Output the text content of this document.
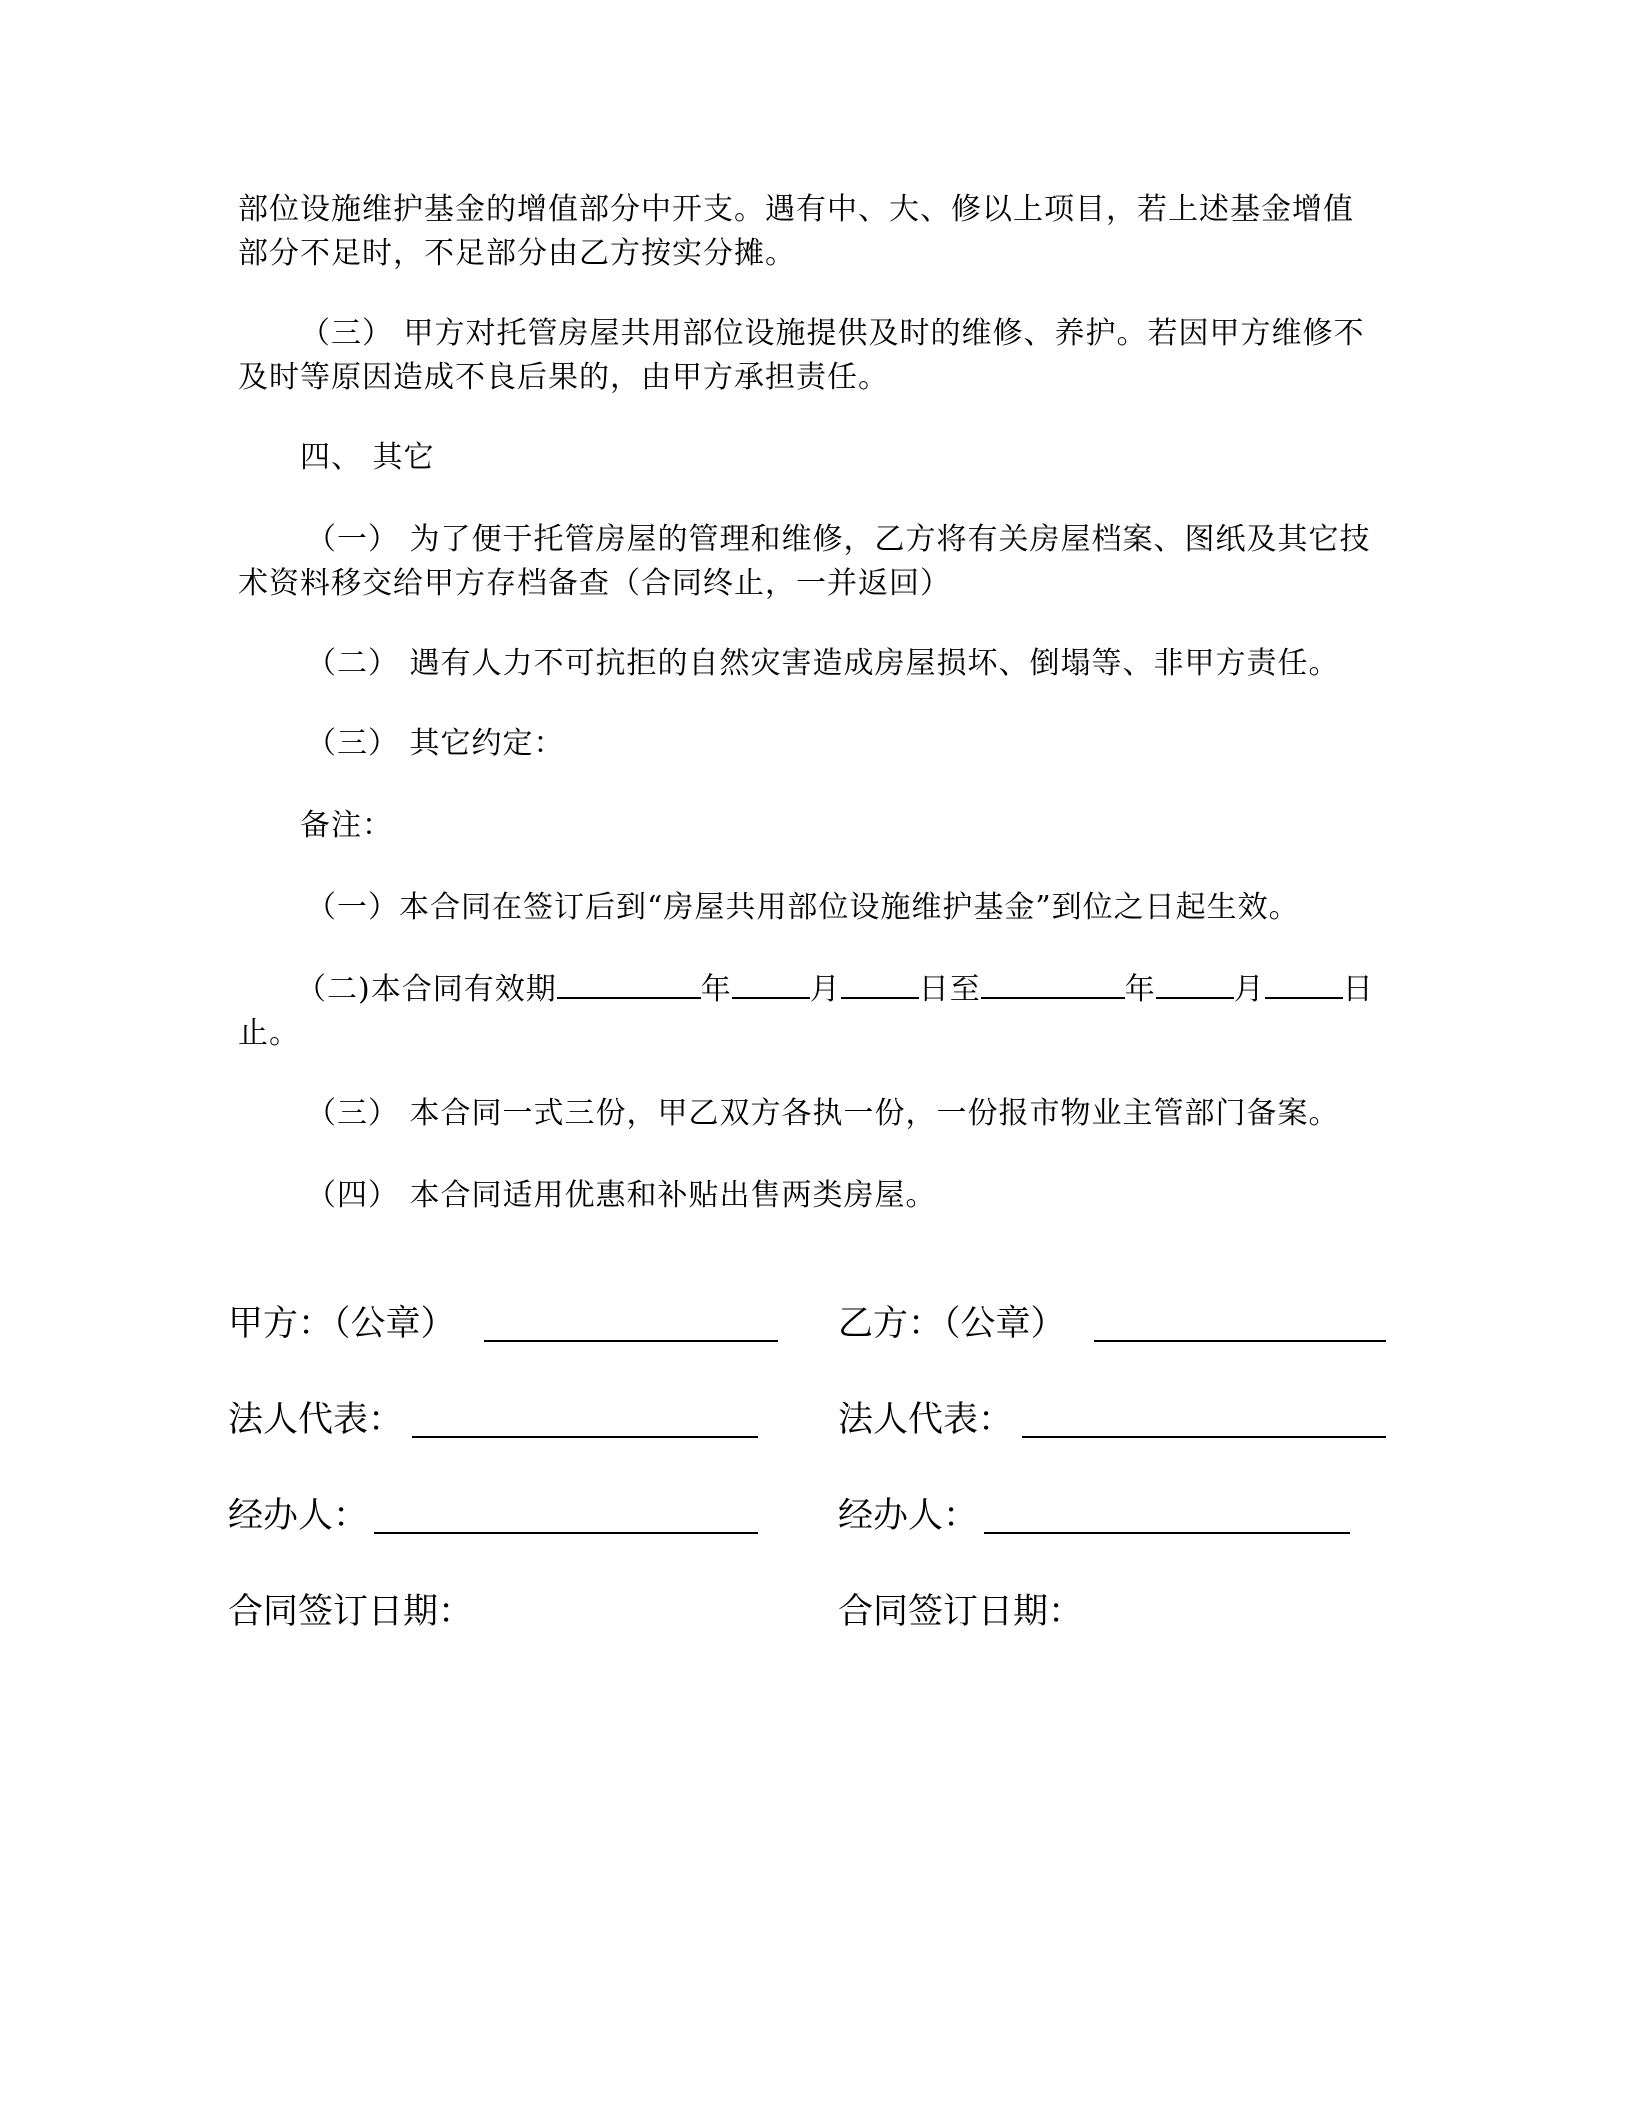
部位设施维护基金的增值部分中开支。遇有中、大、修以上项目，若上述基金增值
部分不足时，不足部分由乙方按实分摊。
（三） 甲方对托管房屋共用部位设施提供及时的维修、养护。若因甲方维修不
及时等原因造成不良后果的，由甲方承担责任。
四、 其它
（一） 为了便于托管房屋的管理和维修，乙方将有关房屋档案、图纸及其它技
术资料移交给甲方存档备查（合同终止，一并返回）
（二） 遇有人力不可抗拒的自然灾害造成房屋损坏、倒塌等、非甲方责任。
（三） 其它约定：
备注：
（一）本合同在签订后到“房屋共用部位设施维护基金”到位之日起生效。
（二)本合同有效期	年	月	日至	年	月	日
止。
（三） 本合同一式三份，甲乙双方各执一份，一份报市物业主管部门备案。
（四） 本合同适用优惠和补贴出售两类房屋。
甲方：（公章）	乙方：（公章）
法人代表：	法人代表：
经办人：	经办人：
合同签订日期：	合同签订日期：
